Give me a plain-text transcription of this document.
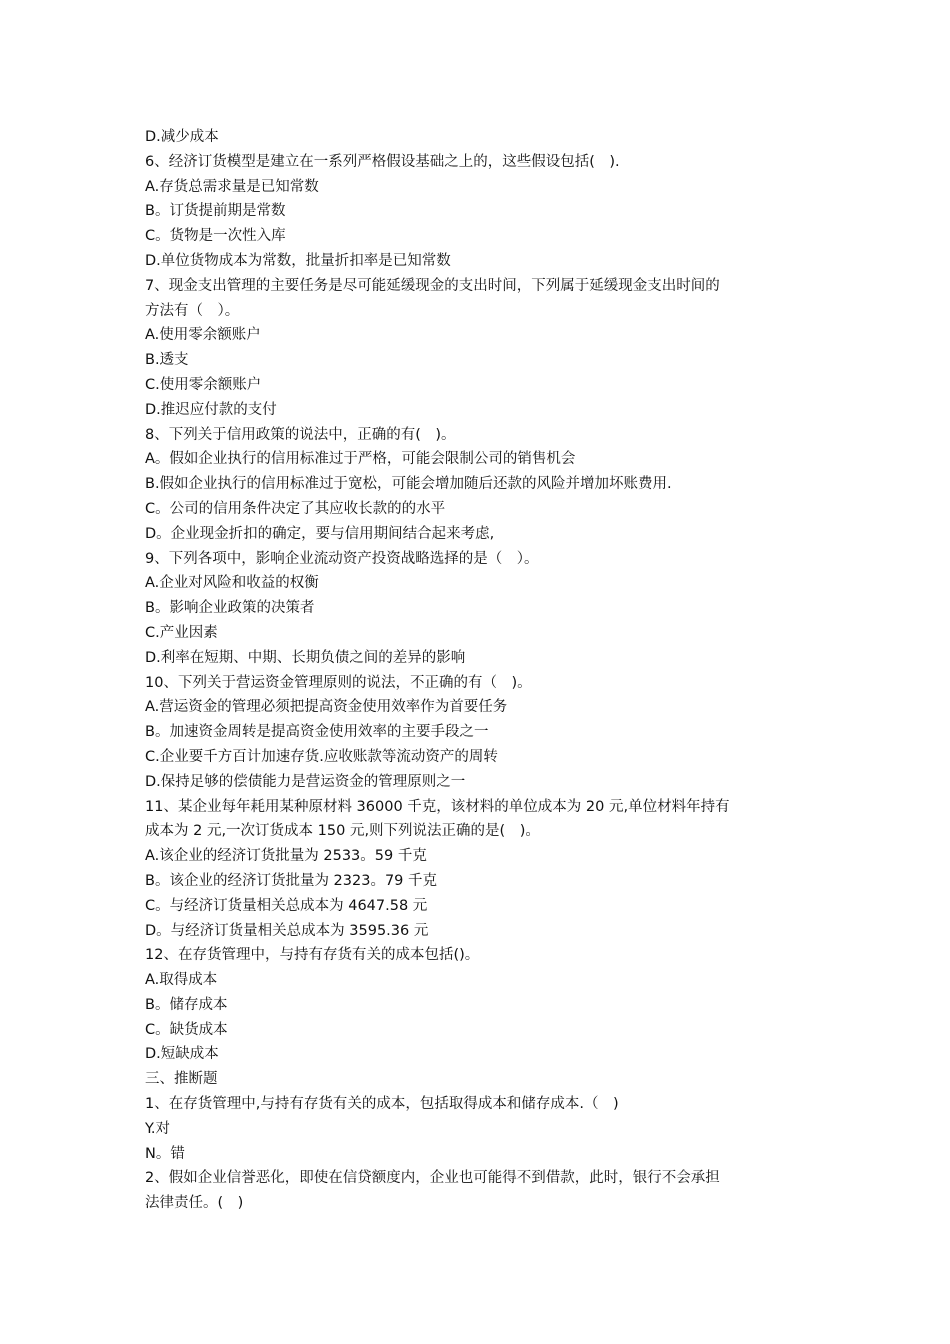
D.减少成本
6、经济订货模型是建立在一系列严格假设基础之上的，这些假设包括(　).
A.存货总需求量是已知常数
B。订货提前期是常数
C。货物是一次性入库
D.单位货物成本为常数，批量折扣率是已知常数
7、现金支出管理的主要任务是尽可能延缓现金的支出时间，下列属于延缓现金支出时间的
方法有（　）。
A.使用零余额账户
B.透支
C.使用零余额账户
D.推迟应付款的支付
8、下列关于信用政策的说法中，正确的有(　)。
A。假如企业执行的信用标准过于严格，可能会限制公司的销售机会
B.假如企业执行的信用标准过于宽松，可能会增加随后还款的风险并增加坏账费用.
C。公司的信用条件决定了其应收长款的的水平
D。企业现金折扣的确定，要与信用期间结合起来考虑,
9、下列各项中，影响企业流动资产投资战略选择的是（　）。
A.企业对风险和收益的权衡
B。影响企业政策的决策者
C.产业因素
D.利率在短期、中期、长期负债之间的差异的影响
10、下列关于营运资金管理原则的说法，不正确的有（　)。
A.营运资金的管理必须把提高资金使用效率作为首要任务
B。加速资金周转是提高资金使用效率的主要手段之一
C.企业要千方百计加速存货.应收账款等流动资产的周转
D.保持足够的偿债能力是营运资金的管理原则之一
11、某企业每年耗用某种原材料 36000 千克，该材料的单位成本为 20 元,单位材料年持有
成本为 2 元,一次订货成本 150 元,则下列说法正确的是(　)。
A.该企业的经济订货批量为 2533。59 千克
B。该企业的经济订货批量为 2323。79 千克
C。与经济订货量相关总成本为 4647.58 元
D。与经济订货量相关总成本为 3595.36 元
12、在存货管理中，与持有存货有关的成本包括()。
A.取得成本
B。储存成本
C。缺货成本
D.短缺成本
三、推断题
1、在存货管理中,与持有存货有关的成本，包括取得成本和储存成本.（　)
Y.对
N。错
2、假如企业信誉恶化，即使在信贷额度内，企业也可能得不到借款，此时，银行不会承担
法律责任。(　)
